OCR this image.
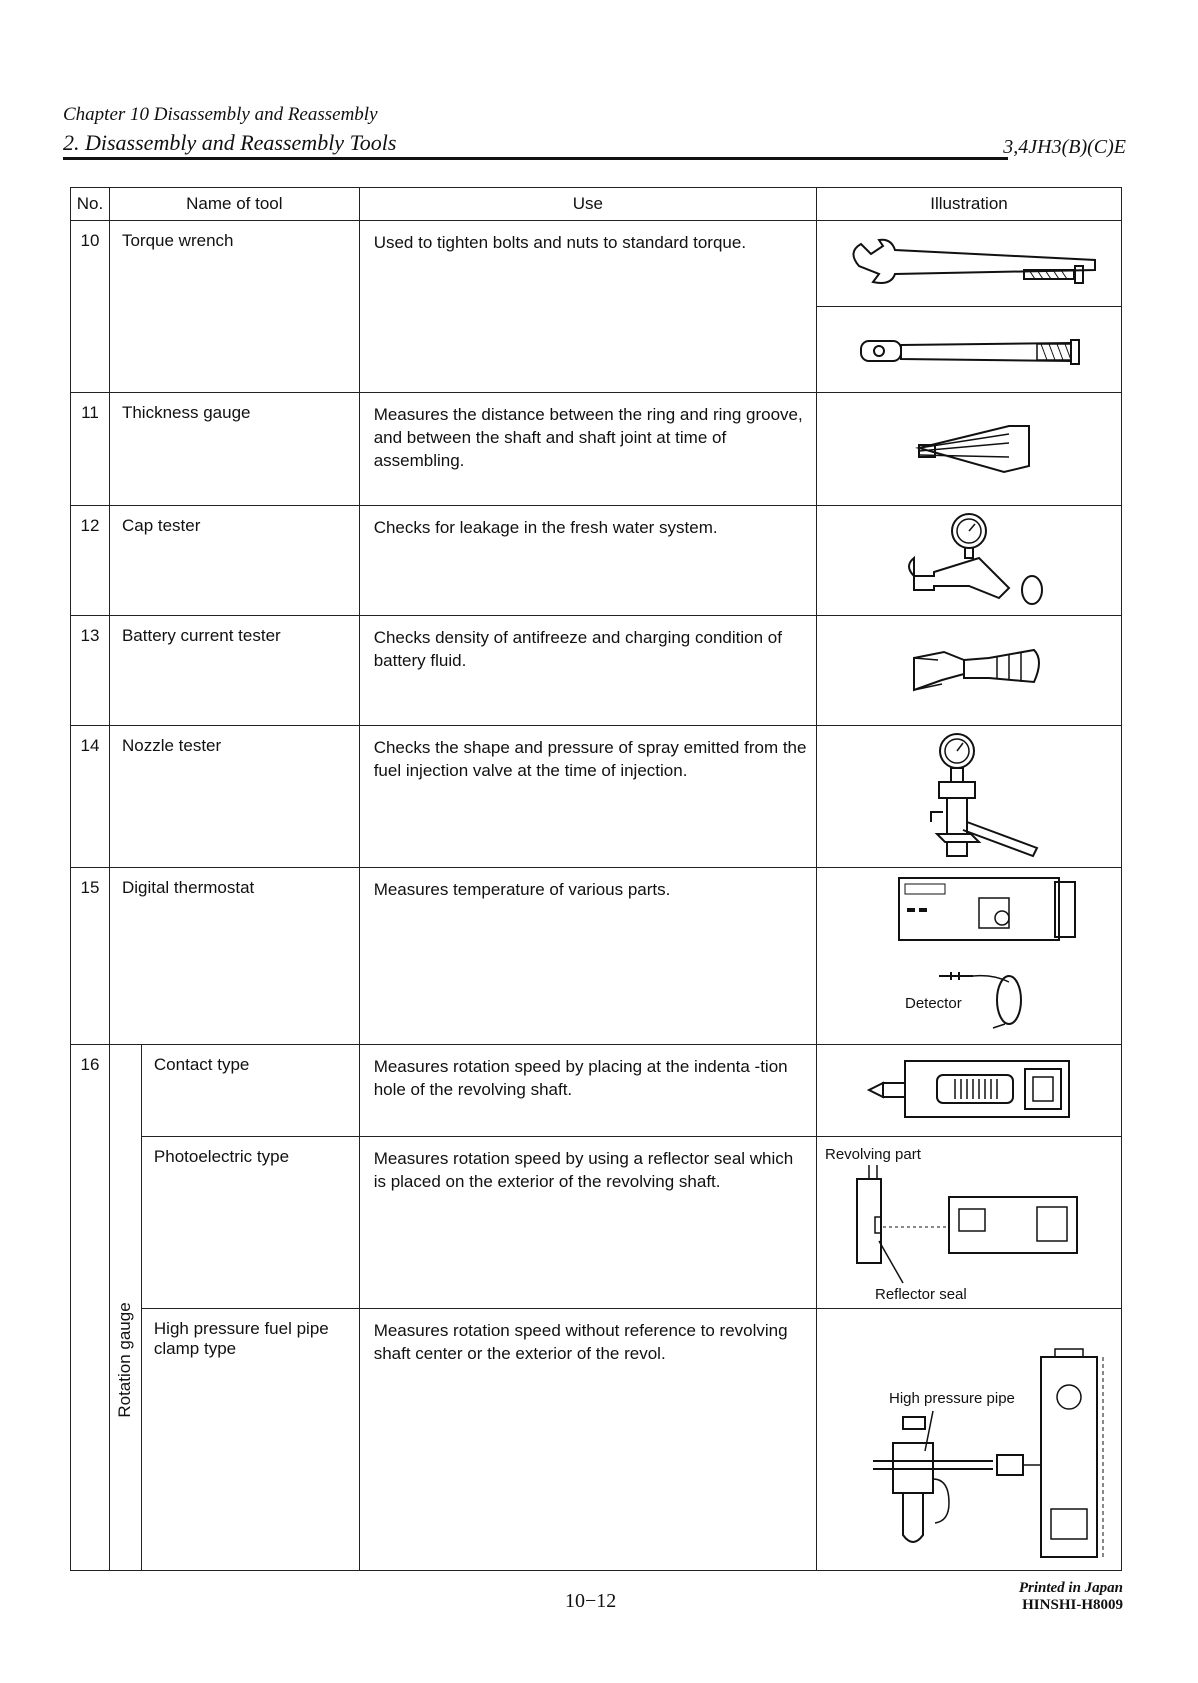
Chapter 10 Disassembly and Reassembly
2. Disassembly and Reassembly Tools	3,4JH3(B)(C)E
No.	Name of tool		Use	Illustration
10	Torque wrench		Used to tighten bolts and nuts to standard torque.	

11	Thickness gauge		Measures the distance between the ring and ring groove, and between the shaft and shaft joint at time of assembling.	

12	Cap tester		Checks for leakage in the fresh water system.	

13	Battery current tester		Checks density of antifreeze and charging condition of battery fluid.	

14	Nozzle tester		Checks the shape and pressure of spray emitted from the fuel injection valve at the time of injection.	

15	Digital thermostat		Measures temperature of various parts.	Detector

16	Rotation gauge	Contact type	Measures rotation speed by placing at the indenta -tion hole of the revolving shaft.	

		Photoelectric type	Measures rotation speed by using a reflector seal which is placed on the exterior of the revolving shaft.	Revolving part
Reflector seal

		High pressure fuel pipe clamp type	Measures rotation speed without reference to revolving shaft center or the exterior of the revol.	High pressure pipe
10−12
Printed in Japan
HINSHI-H8009
